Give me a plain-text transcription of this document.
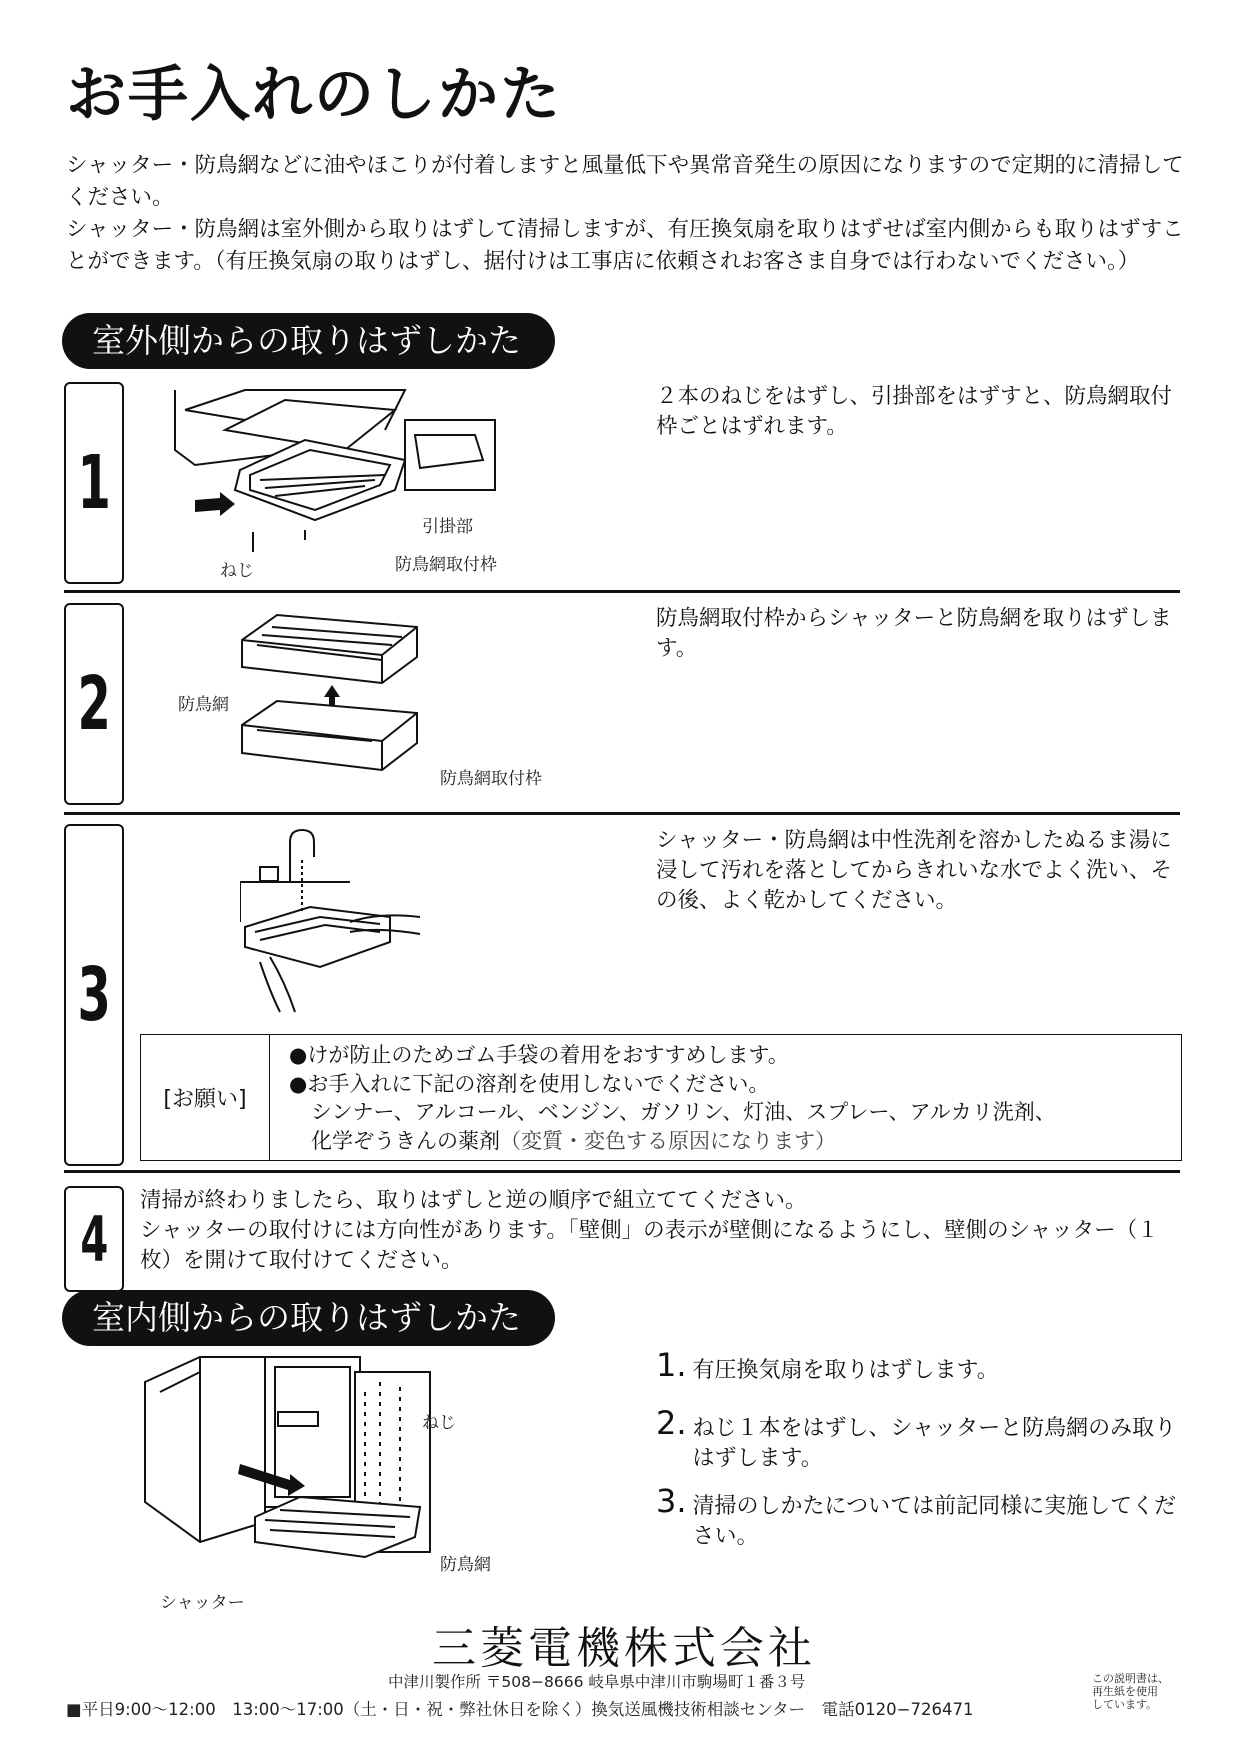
お手入れのしかた

シャッター・防鳥網などに油やほこりが付着しますと風量低下や異常音発生の原因になりますので定期的に清掃してください。

シャッター・防鳥網は室外側から取りはずして清掃しますが、有圧換気扇を取りはずせば室内側からも取りはずすことができます。（有圧換気扇の取りはずし、据付けは工事店に依頼されお客さま自身では行わないでください。）

室外側からの取りはずしかた
1
引掛部
ねじ	防鳥網取付枠
２本のねじをはずし、引掛部をはずすと、防鳥網取付枠ごとはずれます。
2	防鳥網
防鳥網取付枠
防鳥網取付枠からシャッターと防鳥網を取りはずします。
3
シャッター・防鳥網は中性洗剤を溶かしたぬるま湯に浸して汚れを落としてからきれいな水でよく洗い、その後、よく乾かしてください。
[お願い]
●けが防止のためゴム手袋の着用をおすすめします。
●お手入れに下記の溶剤を使用しないでください。
シンナー、アルコール、ベンジン、ガソリン、灯油、スプレー、アルカリ洗剤、
化学ぞうきんの薬剤（変質・変色する原因になります）
4
清掃が終わりましたら、取りはずしと逆の順序で組立ててください。
シャッターの取付けには方向性があります。「壁側」の表示が壁側になるようにし、壁側のシャッター（１枚）を開けて取付けてください。
室内側からの取りはずしかた
ねじ
防鳥網
シャッター
1. 有圧換気扇を取りはずします。
2. ねじ１本をはずし、シャッターと防鳥網のみ取りはずします。
3. 清掃のしかたについては前記同様に実施してください。
三菱電機株式会社
中津川製作所 〒508−8666 岐阜県中津川市駒場町１番３号
■平日9:00〜12:00　13:00〜17:00（土・日・祝・弊社休日を除く）換気送風機技術相談センター　電話0120−726471
この説明書は、
再生紙を使用
しています。
